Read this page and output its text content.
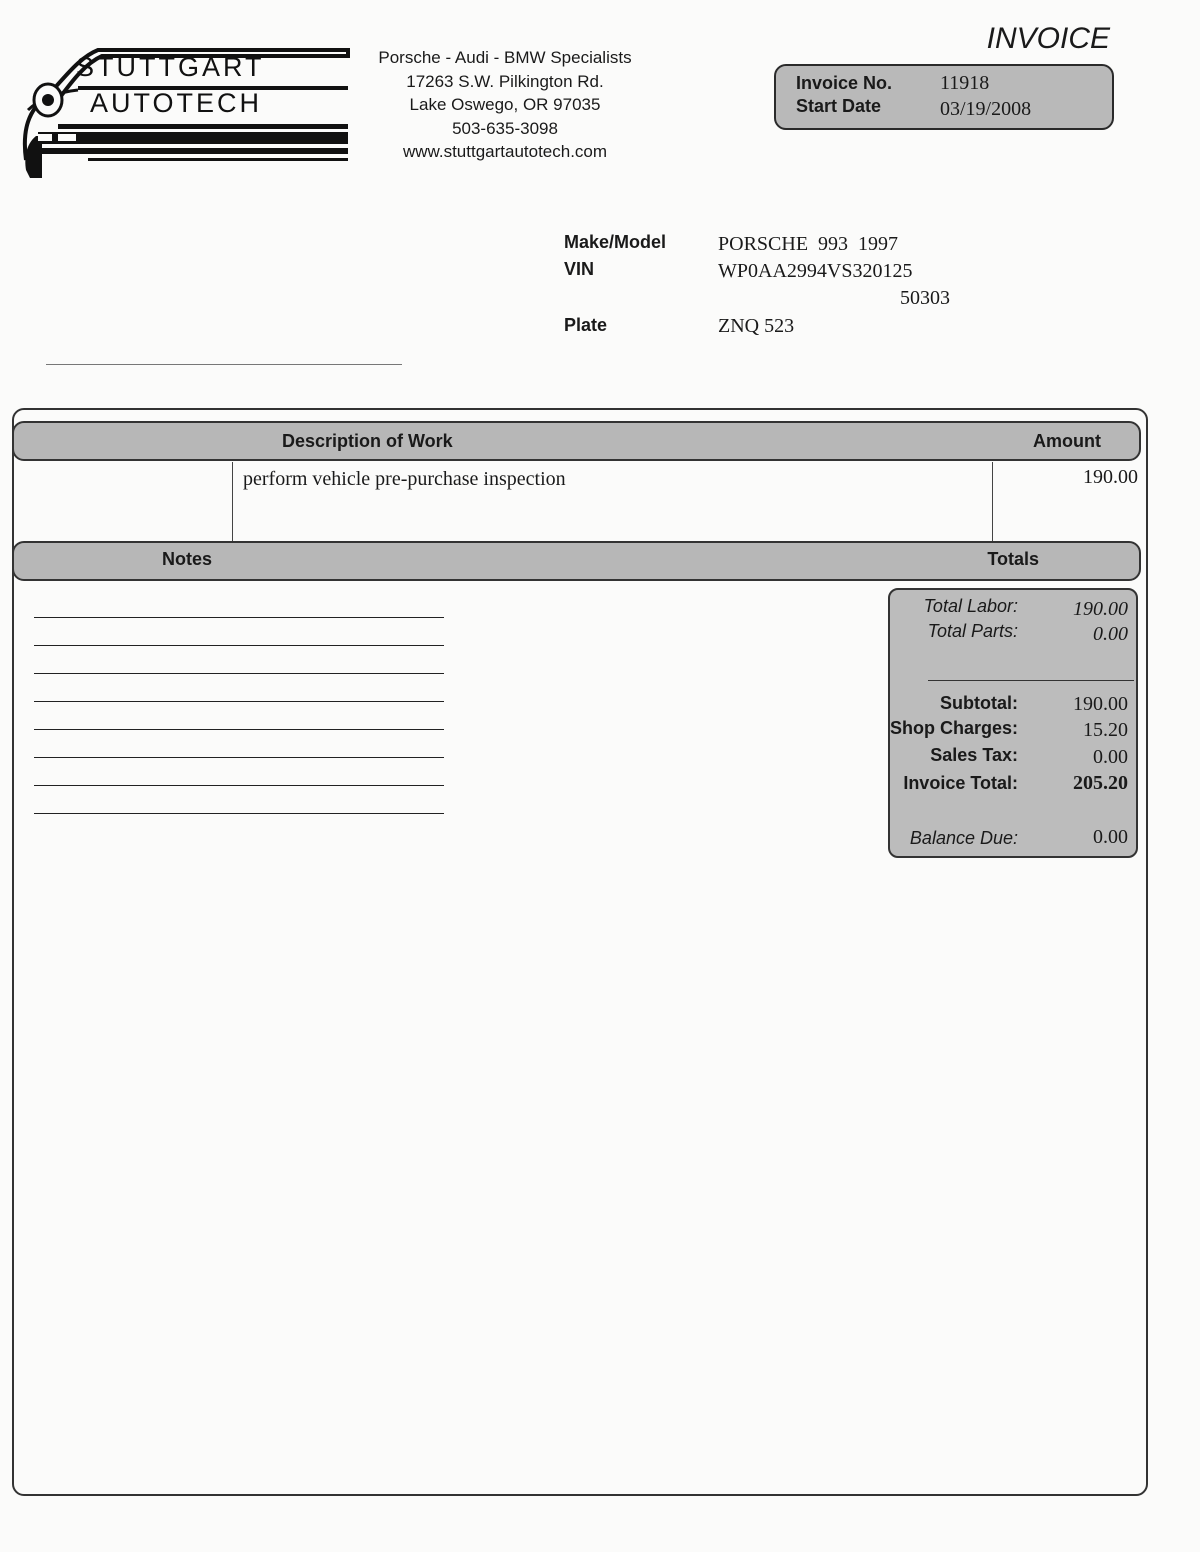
STUTTGART
AUTOTECH
Porsche - Audi - BMW Specialists
17263 S.W. Pilkington Rd.
Lake Oswego, OR 97035
503-635-3098
www.stuttgartautotech.com
INVOICE
Invoice No. 11918
Start Date	03/19/2008
Make/Model	PORSCHE  993  1997
VIN	WP0AA2994VS320125
50303
Plate	ZNQ 523
Description of Work	Amount
perform vehicle pre-purchase inspection	190.00
Notes	Totals
Total Labor:	190.00
Total Parts:	0.00
Subtotal:	190.00
Shop Charges:	15.20
Sales Tax:	0.00
Invoice Total:	205.20
Balance Due:	0.00
